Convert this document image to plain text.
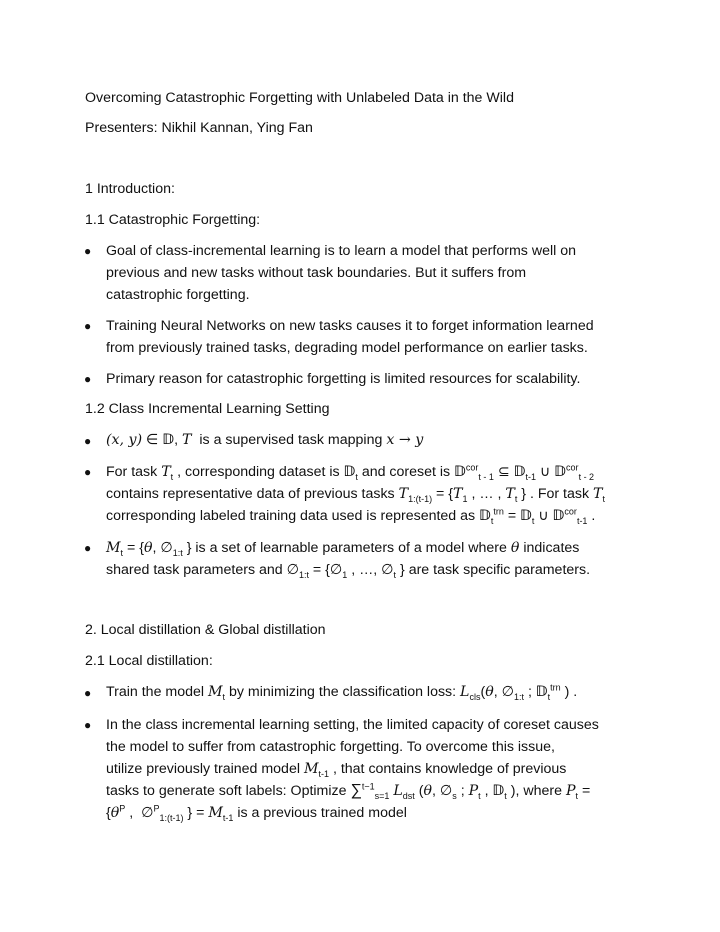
Overcoming Catastrophic Forgetting with Unlabeled Data in the Wild
Presenters: Nikhil Kannan, Ying Fan
1 Introduction:
1.1 Catastrophic Forgetting:
● Goal of class-incremental learning is to learn a model that performs well on
previous and new tasks without task boundaries. But it suffers from
catastrophic forgetting.
● Training Neural Networks on new tasks causes it to forget information learned
from previously trained tasks, degrading model performance on earlier tasks.
● Primary reason for catastrophic forgetting is limited resources for scalability.
1.2 Class Incremental Learning Setting
● (x, y) ∈ 𝔻, T is a supervised task mapping x → y
● For task $T_t$ , corresponding dataset is 𝔻$_t$ and coreset is 𝔻$^{cor}_{t - 1}$ ⊆ 𝔻$_{t-1}$ ∪ 𝔻$^{cor}_{t - 2}$
contains representative data of previous tasks $T_{1:(t-1)} = \{T_1$ , … , $T_t$ } . For task $T_t$
corresponding labeled training data used is represented as 𝔻$_t^{trn}$ = 𝔻$_t$ ∪ 𝔻$^{cor}_{t-1}$ .
● $M_t = \{\theta$, $\emptyset_{1:t}$ } is a set of learnable parameters of a model where θ indicates
shared task parameters and $\emptyset_{1:t}$ = {$\emptyset_1$ , …, $\emptyset_t$ } are task specific parameters.
2. Local distillation & Global distillation
2.1 Local distillation:
● Train the model $M_t$ by minimizing the classification loss: $L_{cls}(\theta$, $\emptyset_{1:t}$ ; 𝔻$_t^{trn}$ ) .
● In the class incremental learning setting, the limited capacity of coreset causes
the model to suffer from catastrophic forgetting. To overcome this issue,
utilize previously trained model $M_{t-1}$ , that contains knowledge of previous
tasks to generate soft labels: Optimize ∑$^{t-1}_{s=1}$ $L_{dst}$ (θ, $\emptyset_s$ ; $P_t$ , 𝔻$_t$ ), where $P_t$ =
{$\theta^P$ ,  ∅$^P_{1:(t-1)}$ } = $M_{t-1}$ is a previous trained model
